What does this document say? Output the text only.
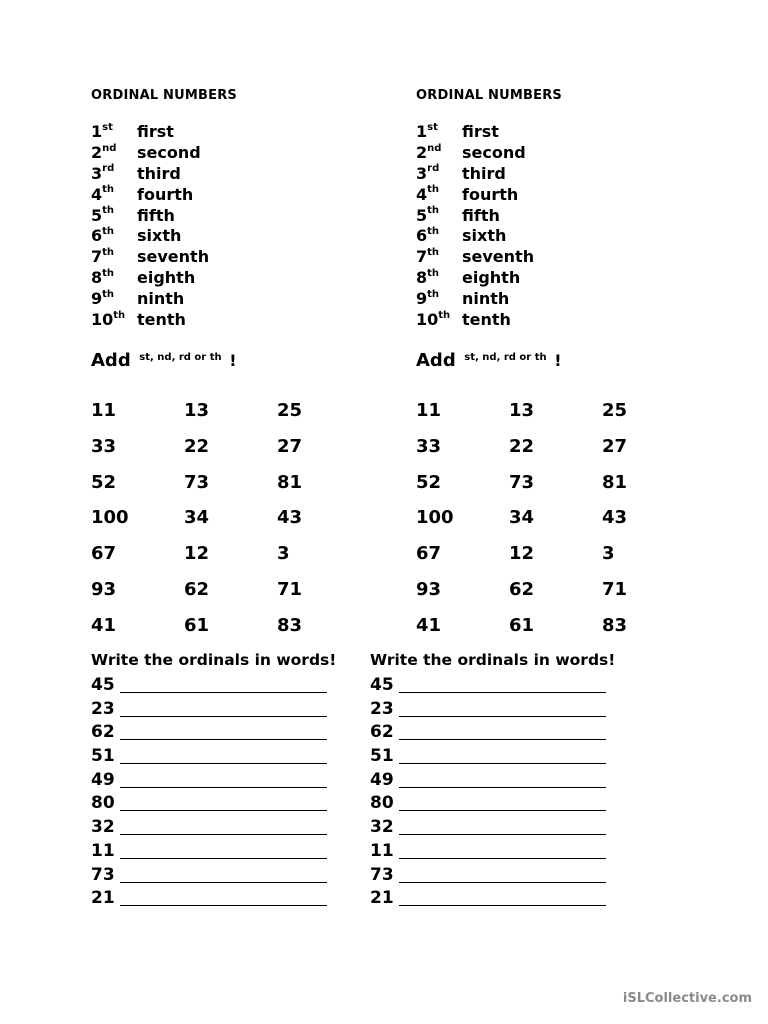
ORDINAL NUMBERS
1st first
2nd second
3rd third
4th fourth
5th fifth
6th sixth
7th seventh
8th eighth
9th ninth
10th tenth
Add $^{st, nd, rd or th}$ !
11	13	25
33	22	27
52	73	81
100	34	43
67	12	3
93	62	71
41	61	83
ORDINAL NUMBERS
1st first
2nd second
3rd third
4th fourth
5th fifth
6th sixth
7th seventh
8th eighth
9th ninth
10th tenth
Add $^{st, nd, rd or th}$ !
11	13	25
33	22	27
52	73	81
100	34	43
67	12	3
93	62	71
41	61	83
Write the ordinals in words!
45
23
62
51
49
80
32
11
73
21
Write the ordinals in words!
45
23
62
51
49
80
32
11
73
21
iSLCollective.com
